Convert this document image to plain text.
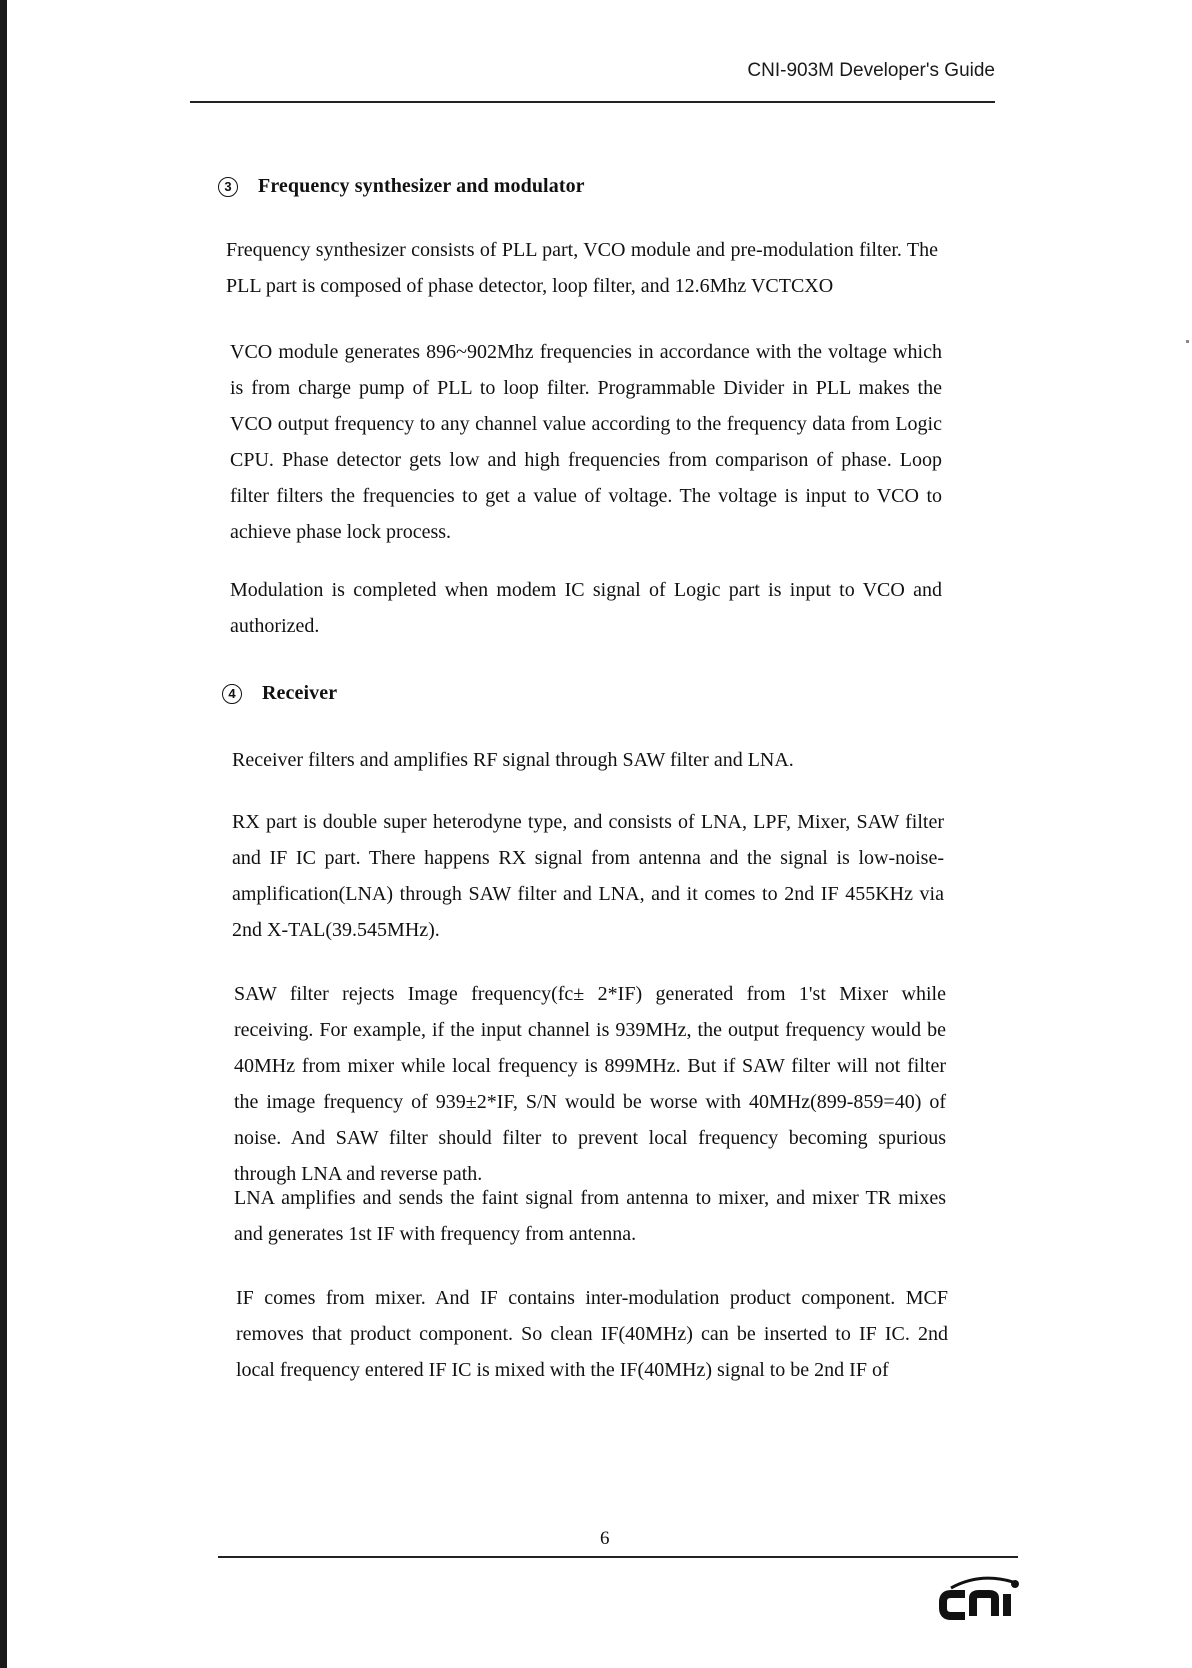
CNI-903M Developer's Guide
3	Frequency synthesizer and modulator

Frequency synthesizer consists of PLL part, VCO module and pre-modulation filter. The PLL part is composed of phase detector, loop filter, and 12.6Mhz VCTCXO

VCO module generates 896~902Mhz frequencies in accordance with the voltage which is from charge pump of PLL to loop filter. Programmable Divider in PLL makes the VCO output frequency to any channel value according to the frequency data from Logic CPU. Phase detector gets low and high frequencies from comparison of phase. Loop filter filters the frequencies to get a value of voltage. The voltage is input to VCO to achieve phase lock process.

Modulation is completed when modem IC signal of Logic part is input to VCO and authorized.

4	Receiver

Receiver filters and amplifies RF signal through SAW filter and LNA.

RX part is double super heterodyne type, and consists of LNA, LPF, Mixer, SAW filter and IF IC part. There happens RX signal from antenna and the signal is low-noise-amplification(LNA) through SAW filter and LNA, and it comes to 2nd IF 455KHz via 2nd X-TAL(39.545MHz).

SAW filter rejects Image frequency(fc± 2*IF) generated from 1'st Mixer while receiving. For example, if the input channel is 939MHz, the output frequency would be 40MHz from mixer while local frequency is 899MHz. But if SAW filter will not filter the image frequency of 939±2*IF, S/N would be worse with 40MHz(899-859=40) of noise. And SAW filter should filter to prevent local frequency becoming spurious through LNA and reverse path.

LNA amplifies and sends the faint signal from antenna to mixer, and mixer TR mixes and generates 1st IF with frequency from antenna.

IF comes from mixer. And IF contains inter-modulation product component. MCF removes that product component. So clean IF(40MHz) can be inserted to IF IC. 2nd local frequency entered IF IC is mixed with the IF(40MHz) signal to be 2nd IF of

6
